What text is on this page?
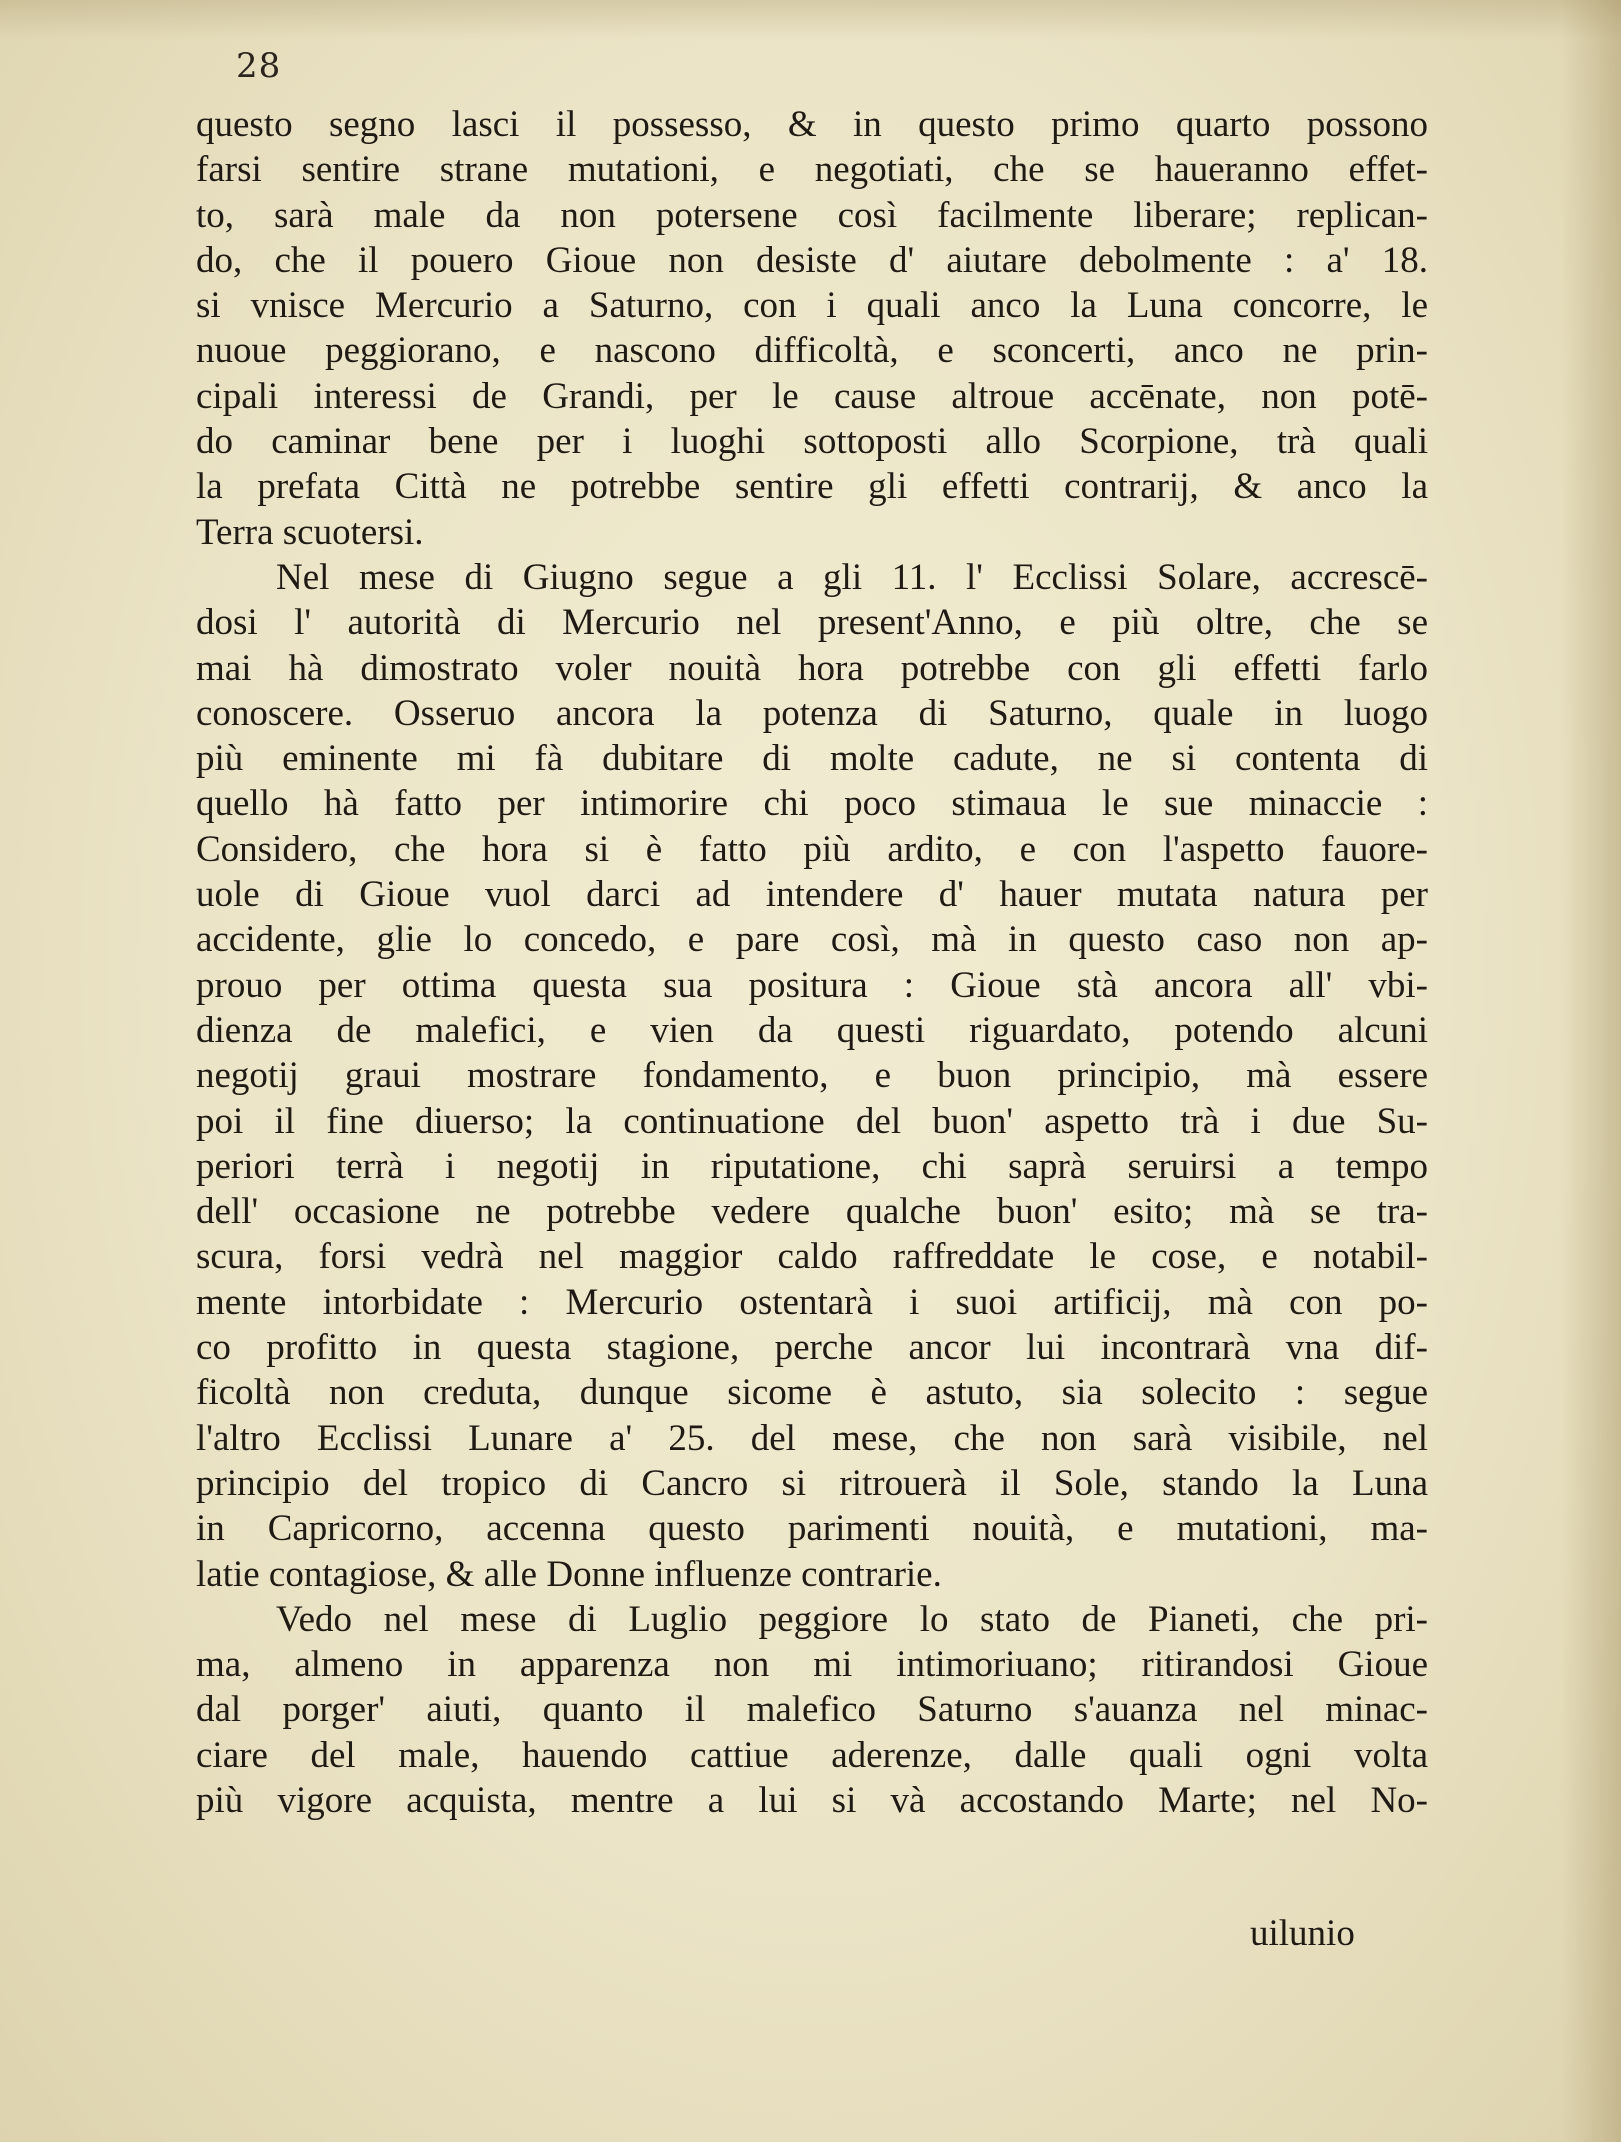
28
questo segno lasci il possesso, & in questo primo quarto possono
farsi sentire strane mutationi, e negotiati, che se haueranno effet-
to, sarà male da non potersene così facilmente liberare; replican-
do, che il pouero Gioue non desiste d' aiutare debolmente : a' 18.
si vnisce Mercurio a Saturno, con i quali anco la Luna concorre, le
nuoue peggiorano, e nascono difficoltà, e sconcerti, anco ne prin-
cipali interessi de Grandi, per le cause altroue accēnate, non potē-
do caminar bene per i luoghi sottoposti allo Scorpione, trà quali
la prefata Città ne potrebbe sentire gli effetti contrarij, & anco la
Terra scuotersi.
Nel mese di Giugno segue a gli 11. l' Ecclissi Solare, accrescē-
dosi l' autorità di Mercurio nel present'Anno, e più oltre, che se
mai hà dimostrato voler nouità hora potrebbe con gli effetti farlo
conoscere. Osseruo ancora la potenza di Saturno, quale in luogo
più eminente mi fà dubitare di molte cadute, ne si contenta di
quello hà fatto per intimorire chi poco stimaua le sue minaccie :
Considero, che hora si è fatto più ardito, e con l'aspetto fauore-
uole di Gioue vuol darci ad intendere d' hauer mutata natura per
accidente, glie lo concedo, e pare così, mà in questo caso non ap-
prouo per ottima questa sua positura : Gioue stà ancora all' vbi-
dienza de malefici, e vien da questi riguardato, potendo alcuni
negotij graui mostrare fondamento, e buon principio, mà essere
poi il fine diuerso; la continuatione del buon' aspetto trà i due Su-
periori terrà i negotij in riputatione, chi saprà seruirsi a tempo
dell' occasione ne potrebbe vedere qualche buon' esito; mà se tra-
scura, forsi vedrà nel maggior caldo raffreddate le cose, e notabil-
mente intorbidate : Mercurio ostentarà i suoi artificij, mà con po-
co profitto in questa stagione, perche ancor lui incontrarà vna dif-
ficoltà non creduta, dunque sicome è astuto, sia solecito : segue
l'altro Ecclissi Lunare a' 25. del mese, che non sarà visibile, nel
principio del tropico di Cancro si ritrouerà il Sole, stando la Luna
in Capricorno, accenna questo parimenti nouità, e mutationi, ma-
latie contagiose, & alle Donne influenze contrarie.
Vedo nel mese di Luglio peggiore lo stato de Pianeti, che pri-
ma, almeno in apparenza non mi intimoriuano; ritirandosi Gioue
dal porger' aiuti, quanto il malefico Saturno s'auanza nel minac-
ciare del male, hauendo cattiue aderenze, dalle quali ogni volta
più vigore acquista, mentre a lui si và accostando Marte; nel No-
uilunio
